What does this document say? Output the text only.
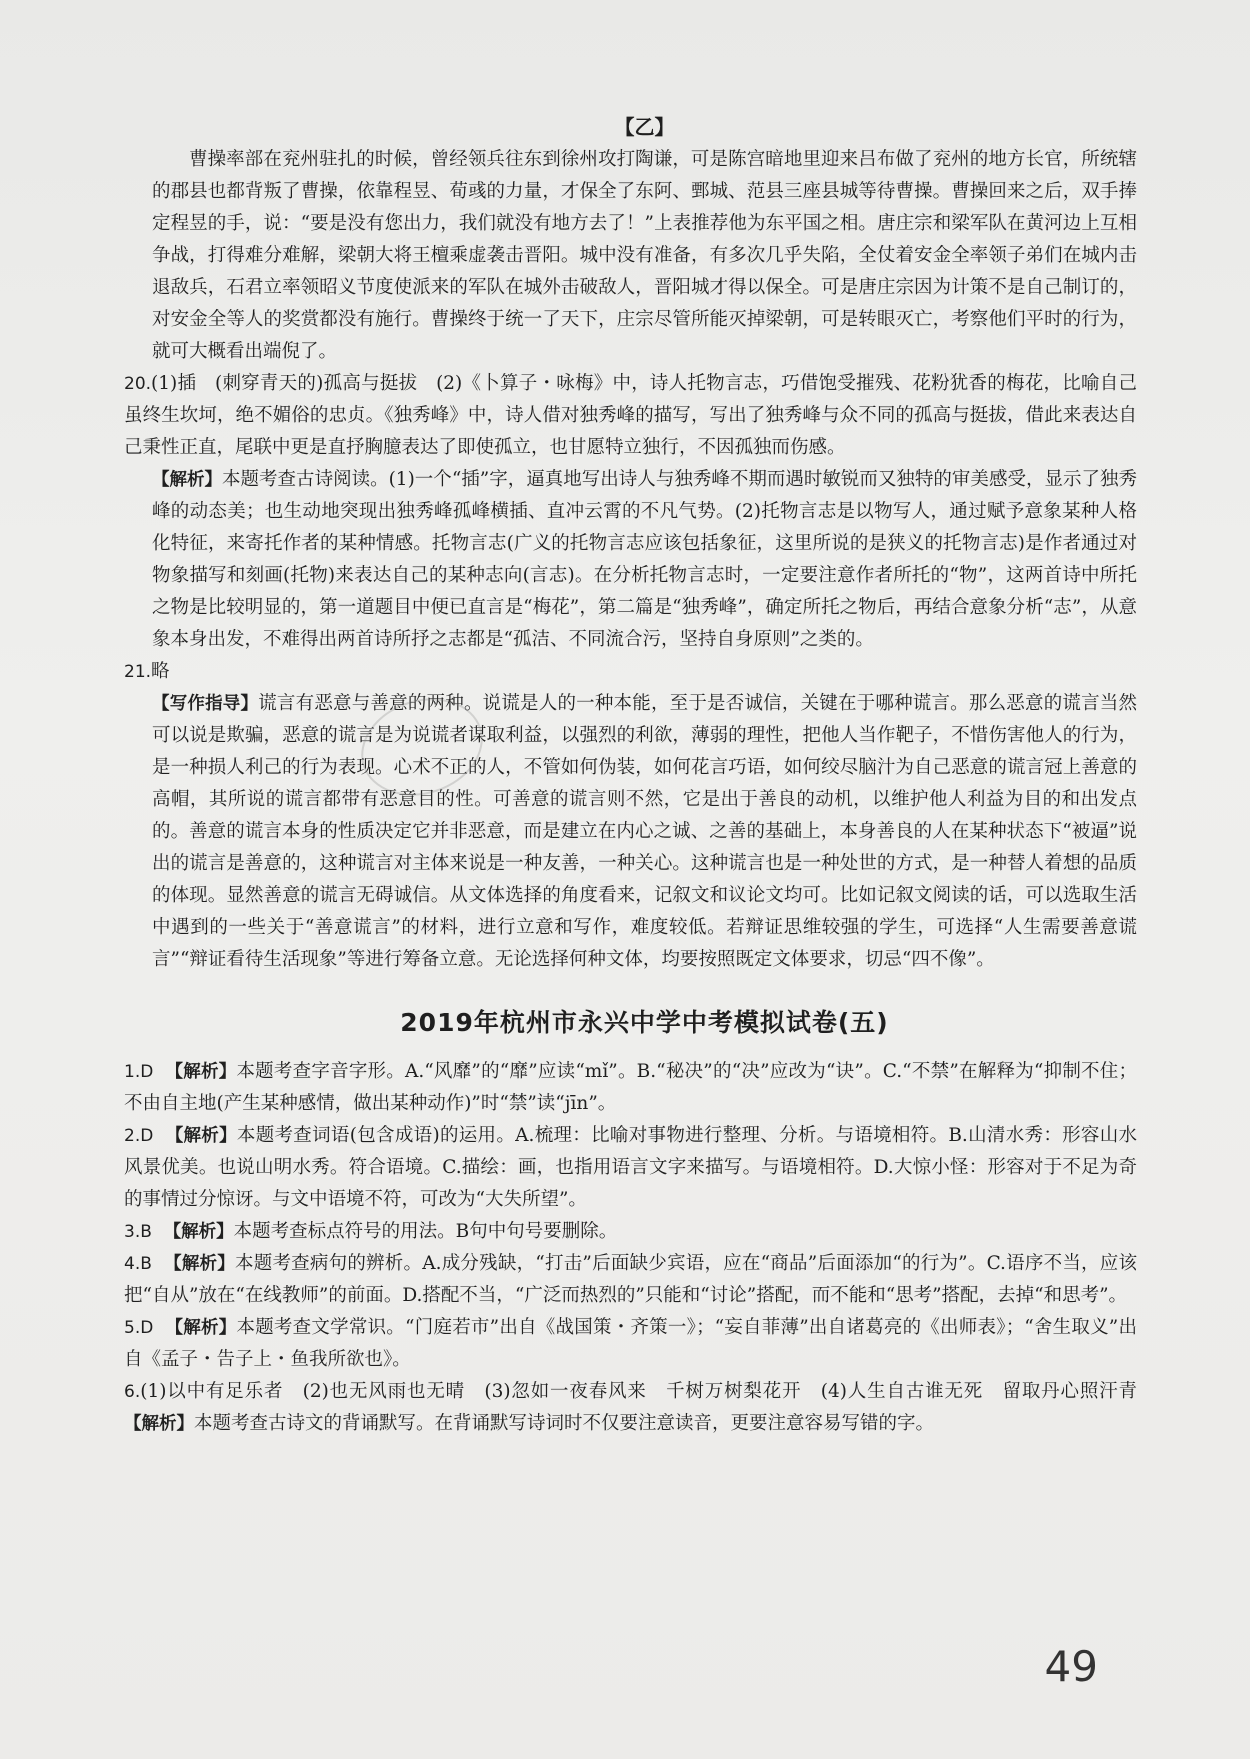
【乙】

曹操率部在兖州驻扎的时候，曾经领兵往东到徐州攻打陶谦，可是陈宫暗地里迎来吕布做了兖州的地方长官，所统辖的郡县也都背叛了曹操，依靠程昱、荀彧的力量，才保全了东阿、鄄城、范县三座县城等待曹操。曹操回来之后，双手捧定程昱的手，说：“要是没有您出力，我们就没有地方去了！”上表推荐他为东平国之相。唐庄宗和梁军队在黄河边上互相争战，打得难分难解，梁朝大将王檀乘虚袭击晋阳。城中没有准备，有多次几乎失陷，全仗着安金全率领子弟们在城内击退敌兵，石君立率领昭义节度使派来的军队在城外击破敌人，晋阳城才得以保全。可是唐庄宗因为计策不是自己制订的，对安金全等人的奖赏都没有施行。曹操终于统一了天下，庄宗尽管所能灭掉梁朝，可是转眼灭亡，考察他们平时的行为，就可大概看出端倪了。

20.(1)插　(刺穿青天的)孤高与挺拔　(2)《卜算子・咏梅》中，诗人托物言志，巧借饱受摧残、花粉犹香的梅花，比喻自己虽终生坎坷，绝不媚俗的忠贞。《独秀峰》中，诗人借对独秀峰的描写，写出了独秀峰与众不同的孤高与挺拔，借此来表达自己秉性正直，尾联中更是直抒胸臆表达了即使孤立，也甘愿特立独行，不因孤独而伤感。

【解析】本题考查古诗阅读。(1)一个“插”字，逼真地写出诗人与独秀峰不期而遇时敏锐而又独特的审美感受，显示了独秀峰的动态美；也生动地突现出独秀峰孤峰横插、直冲云霄的不凡气势。(2)托物言志是以物写人，通过赋予意象某种人格化特征，来寄托作者的某种情感。托物言志(广义的托物言志应该包括象征，这里所说的是狭义的托物言志)是作者通过对物象描写和刻画(托物)来表达自己的某种志向(言志)。在分析托物言志时，一定要注意作者所托的“物”，这两首诗中所托之物是比较明显的，第一道题目中便已直言是“梅花”，第二篇是“独秀峰”，确定所托之物后，再结合意象分析“志”，从意象本身出发，不难得出两首诗所抒之志都是“孤洁、不同流合污，坚持自身原则”之类的。

21.略

【写作指导】谎言有恶意与善意的两种。说谎是人的一种本能，至于是否诚信，关键在于哪种谎言。那么恶意的谎言当然可以说是欺骗，恶意的谎言是为说谎者谋取利益，以强烈的利欲，薄弱的理性，把他人当作靶子，不惜伤害他人的行为，是一种损人利己的行为表现。心术不正的人，不管如何伪装，如何花言巧语，如何绞尽脑汁为自己恶意的谎言冠上善意的高帽，其所说的谎言都带有恶意目的性。可善意的谎言则不然，它是出于善良的动机，以维护他人利益为目的和出发点的。善意的谎言本身的性质决定它并非恶意，而是建立在内心之诚、之善的基础上，本身善良的人在某种状态下“被逼”说出的谎言是善意的，这种谎言对主体来说是一种友善，一种关心。这种谎言也是一种处世的方式，是一种替人着想的品质的体现。显然善意的谎言无碍诚信。从文体选择的角度看来，记叙文和议论文均可。比如记叙文阅读的话，可以选取生活中遇到的一些关于“善意谎言”的材料，进行立意和写作，难度较低。若辩证思维较强的学生，可选择“人生需要善意谎言”“辩证看待生活现象”等进行筹备立意。无论选择何种文体，均要按照既定文体要求，切忌“四不像”。

2019年杭州市永兴中学中考模拟试卷(五)

1.D 【解析】本题考查字音字形。A.“风靡”的“靡”应读“mǐ”。B.“秘决”的“决”应改为“诀”。C.“不禁”在解释为“抑制不住；不由自主地(产生某种感情，做出某种动作)”时“禁”读“jīn”。

2.D 【解析】本题考查词语(包含成语)的运用。A.梳理：比喻对事物进行整理、分析。与语境相符。B.山清水秀：形容山水风景优美。也说山明水秀。符合语境。C.描绘：画，也指用语言文字来描写。与语境相符。D.大惊小怪：形容对于不足为奇的事情过分惊讶。与文中语境不符，可改为“大失所望”。

3.B 【解析】本题考查标点符号的用法。B句中句号要删除。

4.B 【解析】本题考查病句的辨析。A.成分残缺，“打击”后面缺少宾语，应在“商品”后面添加“的行为”。C.语序不当，应该把“自从”放在“在线教师”的前面。D.搭配不当，“广泛而热烈的”只能和“讨论”搭配，而不能和“思考”搭配，去掉“和思考”。

5.D 【解析】本题考查文学常识。“门庭若市”出自《战国策・齐策一》；“妄自菲薄”出自诸葛亮的《出师表》；“舍生取义”出自《孟子・告子上・鱼我所欲也》。

6.(1)以中有足乐者　(2)也无风雨也无晴　(3)忽如一夜春风来　千树万树梨花开　(4)人生自古谁无死　留取丹心照汗青　【解析】本题考查古诗文的背诵默写。在背诵默写诗词时不仅要注意读音，更要注意容易写错的字。

49
